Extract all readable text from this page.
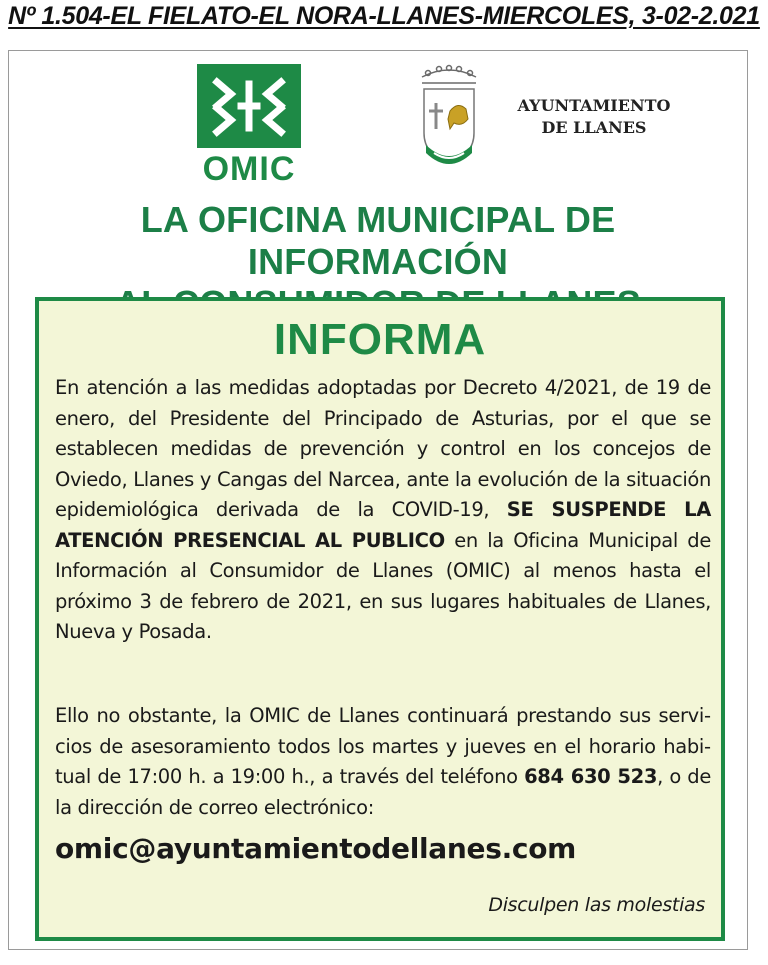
Nº 1.504-EL FIELATO-EL NORA-LLANES-MIERCOLES, 3-02-2.021
OMIC
AYUNTAMIENTO
DE LLANES
LA OFICINA MUNICIPAL DE INFORMACIÓN
INFORMA
En atención a las medidas adoptadas por Decreto 4/2021, de 19 de enero, del Presidente del Principado de Asturias, por el que se establecen medidas de prevención y control en los concejos de Oviedo, Llanes y Cangas del Narcea, ante la evolución de la situación epidemiológica derivada de la COVID-19, SE SUSPENDE LA ATENCIÓN PRESENCIAL AL PUBLICO en la Oficina Municipal de Información al Consumidor de Llanes (OMIC) al menos hasta el próximo 3 de febrero de 2021, en sus lugares habituales de Llanes, Nueva y Posada.
Ello no obstante, la OMIC de Llanes continuará prestando sus servicios de asesoramiento todos los martes y jueves en el horario habitual de 17:00 h. a 19:00 h., a través del teléfono 684 630 523, o de la dirección de correo electrónico:
omic@ayuntamientodellanes.com
Disculpen las molestias
